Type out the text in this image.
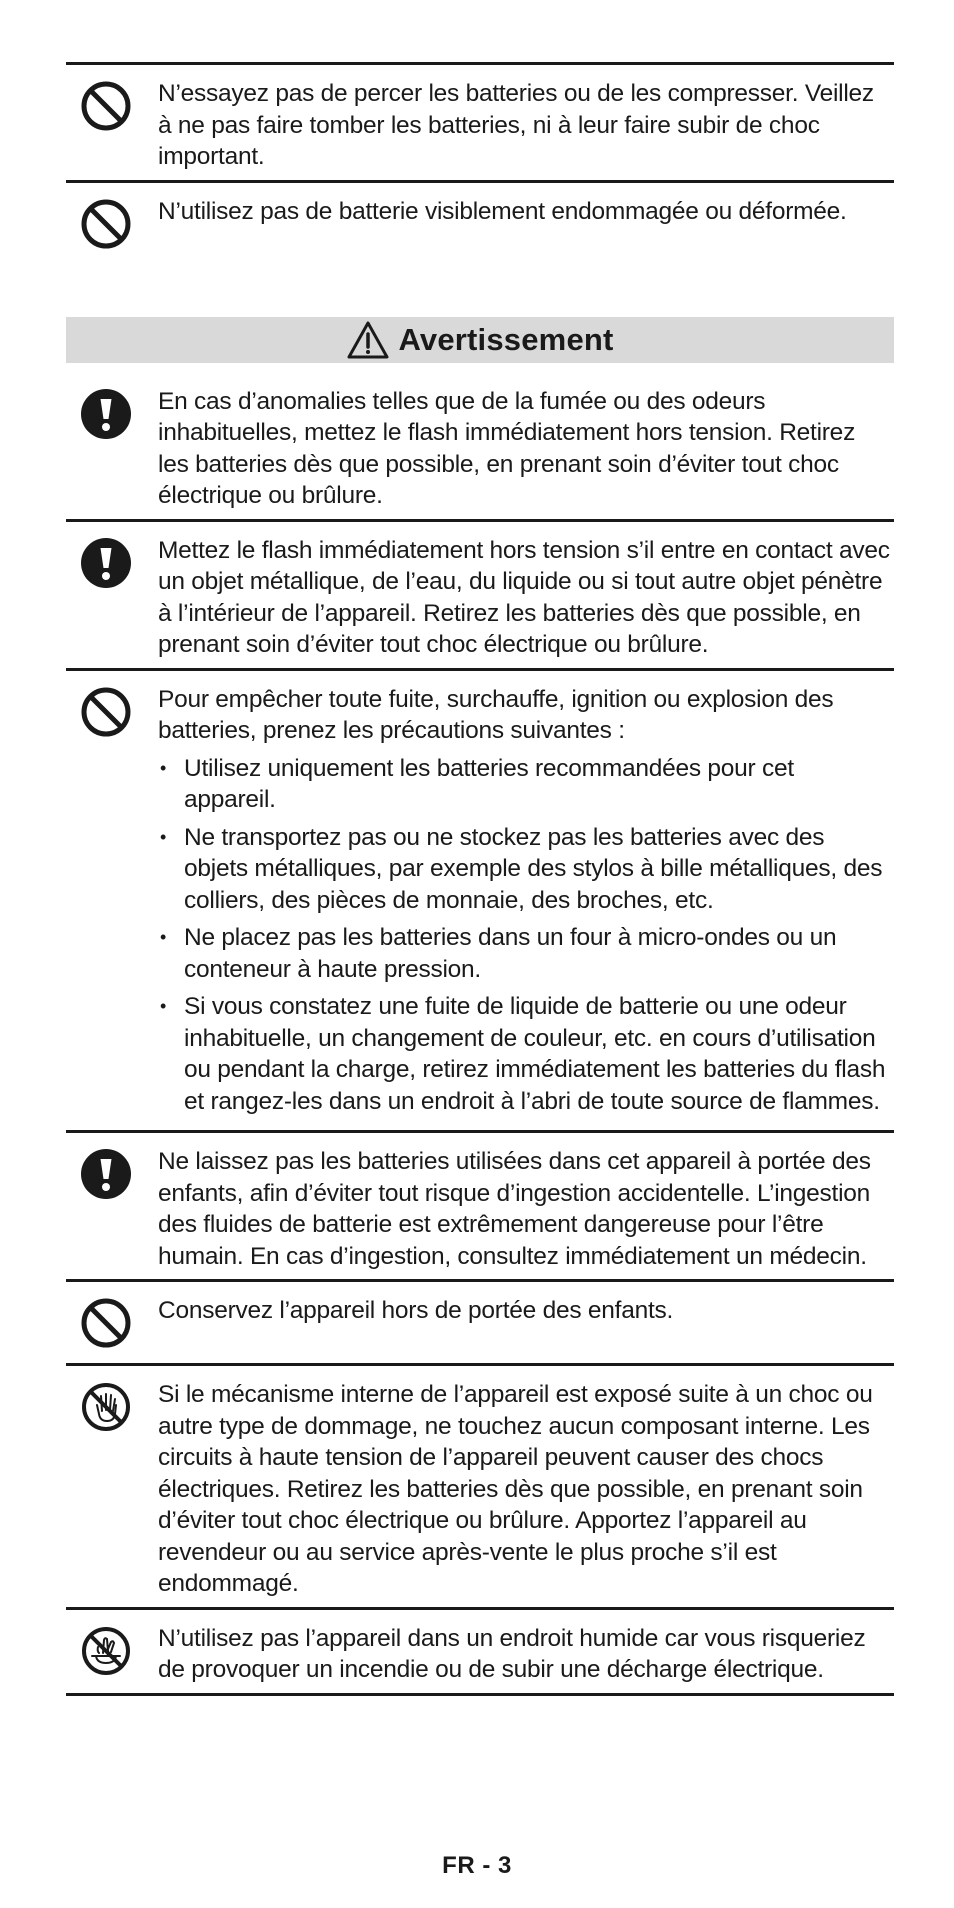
N’essayez pas de percer les batteries ou de les compresser. Veillez à ne pas faire tomber les batteries, ni à leur faire subir de choc important.

N’utilisez pas de batterie visiblement endommagée ou déformée.

Avertissement

En cas d’anomalies telles que de la fumée ou des odeurs inhabituelles, mettez le flash immédiatement hors tension. Retirez les batteries dès que possible, en prenant soin d’éviter tout choc électrique ou brûlure.

Mettez le flash immédiatement hors tension s’il entre en contact avec un objet métallique, de l’eau, du liquide ou si tout autre objet pénètre à l’intérieur de l’appareil. Retirez les batteries dès que possible, en prenant soin d’éviter tout choc électrique ou brûlure.

Pour empêcher toute fuite, surchauffe, ignition ou explosion des batteries, prenez les précautions suivantes :

• Utilisez uniquement les batteries recommandées pour cet appareil.
• Ne transportez pas ou ne stockez pas les batteries avec des objets métalliques, par exemple des stylos à bille métalliques, des colliers, des pièces de monnaie, des broches, etc.
• Ne placez pas les batteries dans un four à micro-ondes ou un conteneur à haute pression.
• Si vous constatez une fuite de liquide de batterie ou une odeur inhabituelle, un changement de couleur, etc. en cours d’utilisation ou pendant la charge, retirez immédiatement les batteries du flash et rangez-les dans un endroit à l’abri de toute source de flammes.

Ne laissez pas les batteries utilisées dans cet appareil à portée des enfants, afin d’éviter tout risque d’ingestion accidentelle. L’ingestion des fluides de batterie est extrêmement dangereuse pour l’être humain. En cas d’ingestion, consultez immédiatement un médecin.

Conservez l’appareil hors de portée des enfants.

Si le mécanisme interne de l’appareil est exposé suite à un choc ou autre type de dommage, ne touchez aucun composant interne. Les circuits à haute tension de l’appareil peuvent causer des chocs électriques. Retirez les batteries dès que possible, en prenant soin d’éviter tout choc électrique ou brûlure. Apportez l’appareil au revendeur ou au service après-vente le plus proche s’il est endommagé.

N’utilisez pas l’appareil dans un endroit humide car vous risqueriez de provoquer un incendie ou de subir une décharge électrique.

FR - 3
